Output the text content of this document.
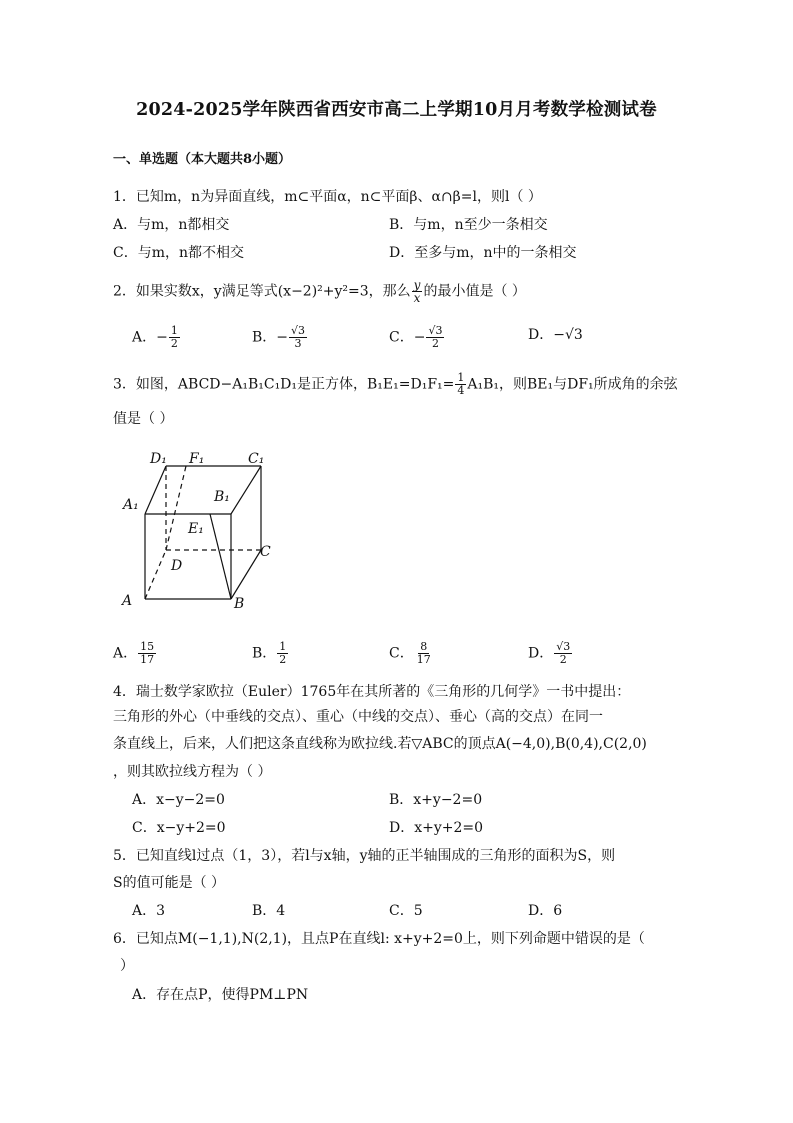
2024-2025学年陕西省西安市高二上学期10月月考数学检测试卷
一、单选题（本大题共8小题）
1．已知m，n为异面直线，m⊂平面α，n⊂平面β、α∩β=l，则l（ ）
A．与m，n都相交	B．与m，n至少一条相交
C．与m，n都不相交	D．至多与m，n中的一条相交
2．如果实数x，y满足等式(x−2)²+y²=3，那么 $\frac{y}{x}$ 的最小值是（ ）
A．− $\frac{1}{2}$	B．− $\frac{√3}{3}$	C．− $\frac{√3}{2}$	D．−√3
3．如图，ABCD−A₁B₁C₁D₁是正方体，$B_1E_1=D_1F_1= \frac{1}{4} A_1B_1$，则BE₁与DF₁所成角的余弦
值是（ ）
D₁ F₁	C₁
A₁	B₁
E₁
C
D
A	B
A． $\frac{15}{17}$	B． $\frac{1}{2}$	C． $\frac{8}{17}$	D． $\frac{√3}{2}$
4．瑞士数学家欧拉（Euler）1765年在其所著的《三角形的几何学》一书中提出：
三角形的外心（中垂线的交点）、重心（中线的交点）、垂心（高的交点）在同一
条直线上，后来，人们把这条直线称为欧拉线.若▽ABC的顶点A(−4,0),B(0,4),C(2,0)
，则其欧拉线方程为（ ）
A．x−y−2=0	B．x+y−2=0
C．x−y+2=0	D．x+y+2=0
5．已知直线l过点（1，3），若l与x轴，y轴的正半轴围成的三角形的面积为S，则
S的值可能是（ ）
A．3	B．4	C．5	D．6
6．已知点M(−1,1),N(2,1)，且点P在直线l: x+y+2=0上，则下列命题中错误的是（
）
A．存在点P，使得PM⊥PN
